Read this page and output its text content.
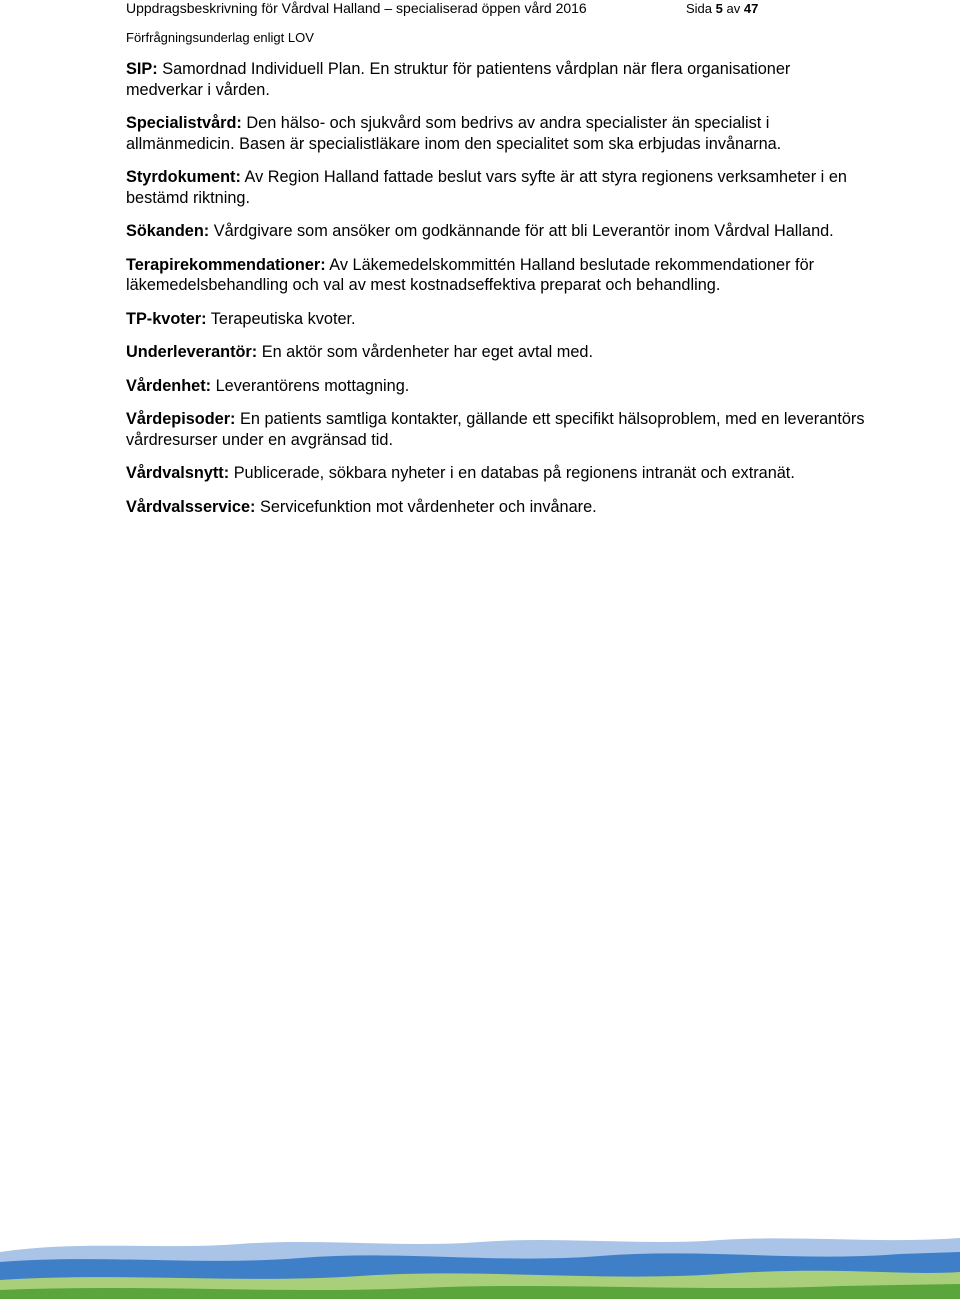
Uppdragsbeskrivning för Vårdval Halland – specialiserad öppen vård 2016	Sida 5 av 47
Förfrågningsunderlag enligt LOV

SIP: Samordnad Individuell Plan. En struktur för patientens vårdplan när flera organisationer medverkar i vården.

Specialistvård: Den hälso- och sjukvård som bedrivs av andra specialister än specialist i allmänmedicin. Basen är specialistläkare inom den specialitet som ska erbjudas invånarna.

Styrdokument: Av Region Halland fattade beslut vars syfte är att styra regionens verksamheter i en bestämd riktning.

Sökanden: Vårdgivare som ansöker om godkännande för att bli Leverantör inom Vårdval Halland.

Terapirekommendationer: Av Läkemedelskommittén Halland beslutade rekommendationer för läkemedelsbehandling och val av mest kostnadseffektiva preparat och behandling.

TP-kvoter: Terapeutiska kvoter.

Underleverantör: En aktör som vårdenheter har eget avtal med.

Vårdenhet: Leverantörens mottagning.

Vårdepisoder: En patients samtliga kontakter, gällande ett specifikt hälsoproblem, med en leverantörs vårdresurser under en avgränsad tid.

Vårdvalsnytt: Publicerade, sökbara nyheter i en databas på regionens intranät och extranät.

Vårdvalsservice: Servicefunktion mot vårdenheter och invånare.
